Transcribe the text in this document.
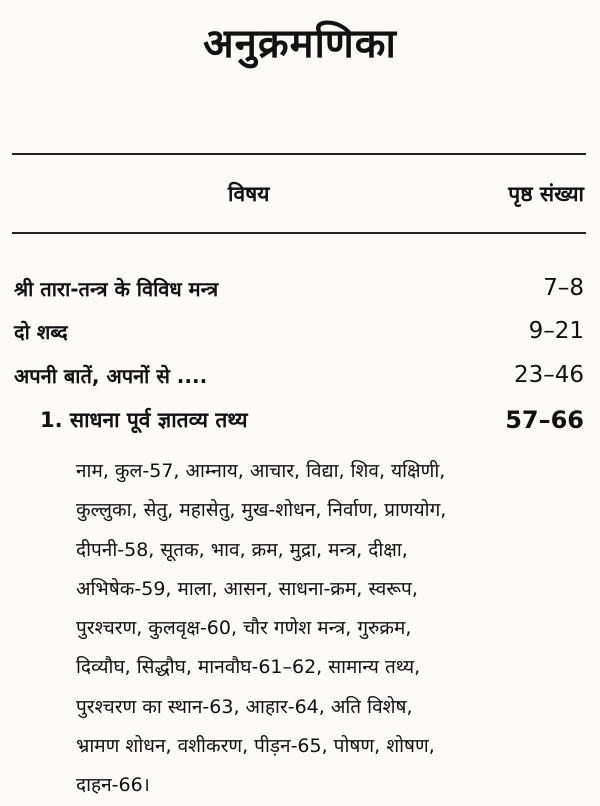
अनुक्रमणिका
विषय	पृष्ठ संख्या
श्री तारा-तन्त्र के विविध मन्त्र	7–8
दो शब्द	9–21
अपनी बातें, अपनों से ....	23–46
1. साधना पूर्व ज्ञातव्य तथ्य	57–66
नाम, कुल-57, आम्नाय, आचार, विद्या, शिव, यक्षिणी,
कुल्लुका, सेतु, महासेतु, मुख-शोधन, निर्वाण, प्राणयोग,
दीपनी-58, सूतक, भाव, क्रम, मुद्रा, मन्त्र, दीक्षा,
अभिषेक-59, माला, आसन, साधना-क्रम, स्वरूप,
पुरश्चरण, कुलवृक्ष-60, चौर गणेश मन्त्र, गुरुक्रम,
दिव्यौघ, सिद्धौघ, मानवौघ-61–62, सामान्य तथ्य,
पुरश्चरण का स्थान-63, आहार-64, अति विशेष,
भ्रामण शोधन, वशीकरण, पीड़न-65, पोषण, शोषण,
दाहन-66।
